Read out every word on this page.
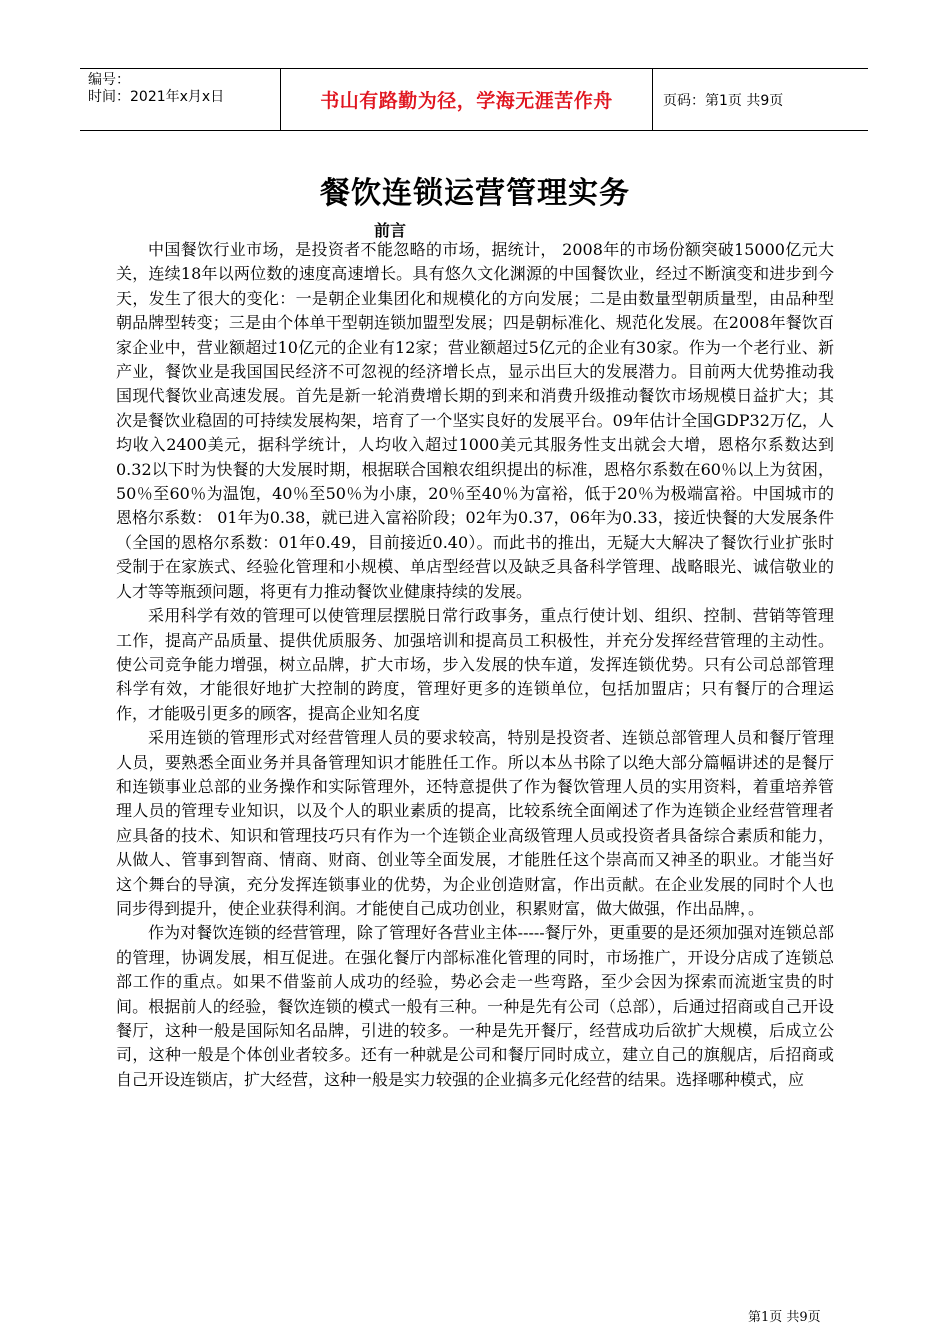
编号：
时间：2021年x月x日	书山有路勤为径，学海无涯苦作舟	页码：第1页 共9页
餐饮连锁运营管理实务
前言

中国餐饮行业市场，是投资者不能忽略的市场，据统计， 2008年的市场份额突破15000亿元大关，连续18年以两位数的速度高速增长。具有悠久文化渊源的中国餐饮业，经过不断演变和进步到今天，发生了很大的变化：一是朝企业集团化和规模化的方向发展；二是由数量型朝质量型，由品种型朝品牌型转变；三是由个体单干型朝连锁加盟型发展；四是朝标准化、规范化发展。在2008年餐饮百家企业中，营业额超过10亿元的企业有12家；营业额超过5亿元的企业有30家。作为一个老行业、新产业，餐饮业是我国国民经济不可忽视的经济增长点，显示出巨大的发展潜力。目前两大优势推动我国现代餐饮业高速发展。首先是新一轮消费增长期的到来和消费升级推动餐饮市场规模日益扩大；其次是餐饮业稳固的可持续发展构架，培育了一个坚实良好的发展平台。09年估计全国GDP32万亿，人均收入2400美元，据科学统计，人均收入超过1000美元其服务性支出就会大增，恩格尔系数达到0.32以下时为快餐的大发展时期，根据联合国粮农组织提出的标准，恩格尔系数在60％以上为贫困，50％至60％为温饱，40％至50％为小康，20％至40％为富裕，低于20％为极端富裕。中国城市的恩格尔系数： 01年为0.38，就已进入富裕阶段；02年为0.37，06年为0.33，接近快餐的大发展条件（全国的恩格尔系数：01年0.49，目前接近0.40）。而此书的推出，无疑大大解决了餐饮行业扩张时受制于在家族式、经验化管理和小规模、单店型经营以及缺乏具备科学管理、战略眼光、诚信敬业的人才等等瓶颈问题，将更有力推动餐饮业健康持续的发展。

采用科学有效的管理可以使管理层摆脱日常行政事务，重点行使计划、组织、控制、营销等管理工作，提高产品质量、提供优质服务、加强培训和提高员工积极性，并充分发挥经营管理的主动性。使公司竞争能力增强，树立品牌，扩大市场，步入发展的快车道，发挥连锁优势。只有公司总部管理科学有效，才能很好地扩大控制的跨度，管理好更多的连锁单位，包括加盟店；只有餐厅的合理运作，才能吸引更多的顾客，提高企业知名度

采用连锁的管理形式对经营管理人员的要求较高，特别是投资者、连锁总部管理人员和餐厅管理人员，要熟悉全面业务并具备管理知识才能胜任工作。所以本丛书除了以绝大部分篇幅讲述的是餐厅和连锁事业总部的业务操作和实际管理外，还特意提供了作为餐饮管理人员的实用资料，着重培养管理人员的管理专业知识，以及个人的职业素质的提高，比较系统全面阐述了作为连锁企业经营管理者应具备的技术、知识和管理技巧只有作为一个连锁企业高级管理人员或投资者具备综合素质和能力，从做人、管事到智商、情商、财商、创业等全面发展，才能胜任这个崇高而又神圣的职业。才能当好这个舞台的导演，充分发挥连锁事业的优势，为企业创造财富，作出贡献。在企业发展的同时个人也同步得到提升，使企业获得利润。才能使自己成功创业，积累财富，做大做强，作出品牌，。

作为对餐饮连锁的经营管理，除了管理好各营业主体-----餐厅外，更重要的是还须加强对连锁总部的管理，协调发展，相互促进。在强化餐厅内部标准化管理的同时，市场推广，开设分店成了连锁总部工作的重点。如果不借鉴前人成功的经验，势必会走一些弯路，至少会因为探索而流逝宝贵的时间。根据前人的经验，餐饮连锁的模式一般有三种。一种是先有公司（总部），后通过招商或自己开设餐厅，这种一般是国际知名品牌，引进的较多。一种是先开餐厅，经营成功后欲扩大规模，后成立公司，这种一般是个体创业者较多。还有一种就是公司和餐厅同时成立，建立自己的旗舰店，后招商或自己开设连锁店，扩大经营，这种一般是实力较强的企业搞多元化经营的结果。选择哪种模式，应

第1页 共9页
